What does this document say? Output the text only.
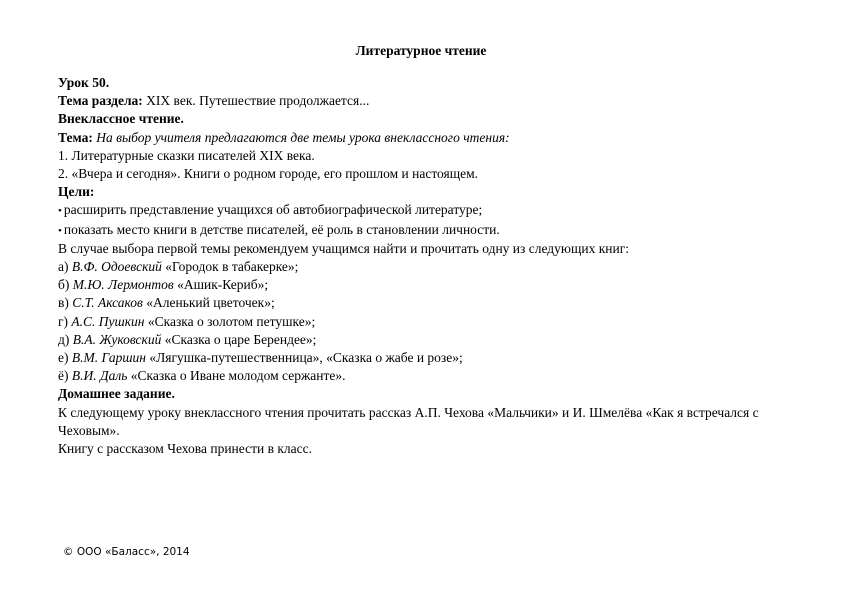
Литературное чтение
Урок 50.
Тема раздела: XIX век. Путешествие продолжается...
Внеклассное чтение.
Тема: На выбор учителя предлагаются две темы урока внеклассного чтения:
1. Литературные сказки писателей XIX века.
2. «Вчера и сегодня». Книги о родном городе, его прошлом и настоящем.
Цели:
• расширить представление учащихся об автобиографической литературе;
• показать место книги в детстве писателей, её роль в становлении личности.
В случае выбора первой темы рекомендуем учащимся найти и прочитать одну из следующих книг:
а) В.Ф. Одоевский «Городок в табакерке»;
б) М.Ю. Лермонтов «Ашик-Кериб»;
в) С.Т. Аксаков «Аленький цветочек»;
г) А.С. Пушкин «Сказка о золотом петушке»;
д) В.А. Жуковский «Сказка о царе Берендее»;
е) В.М. Гаршин «Лягушка-путешественница», «Сказка о жабе и розе»;
ё) В.И. Даль «Сказка о Иване молодом сержанте».
Домашнее задание.
К следующему уроку внеклассного чтения прочитать рассказ А.П. Чехова «Мальчики» и И. Шмелёва «Как я встречался с Чеховым».
Книгу с рассказом Чехова принести в класс.
© ООО «Баласс», 2014
